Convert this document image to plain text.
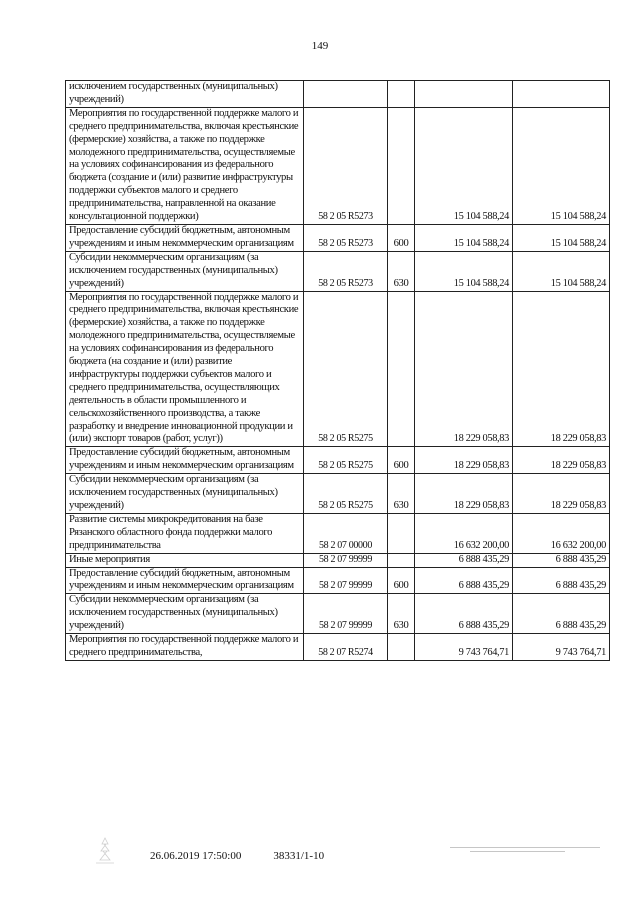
149
исключением государственных (муниципальных) учреждений)				
Мероприятия по государственной поддержке малого и среднего предпринимательства, включая крестьянские (фермерские) хозяйства, а также по поддержке молодежного предпринимательства, осуществляемые на условиях софинансирования из федерального бюджета (создание и (или) развитие инфраструктуры поддержки субъектов малого и среднего предпринимательства, направленной на оказание консультационной поддержки)	58 2 05 R5273		15 104 588,24	15 104 588,24
Предоставление субсидий бюджетным, автономным учреждениям и иным некоммерческим организациям	58 2 05 R5273	600	15 104 588,24	15 104 588,24
Субсидии некоммерческим организациям (за исключением государственных (муниципальных) учреждений)	58 2 05 R5273	630	15 104 588,24	15 104 588,24
Мероприятия по государственной поддержке малого и среднего предпринимательства, включая крестьянские (фермерские) хозяйства, а также по поддержке молодежного предпринимательства, осуществляемые на условиях софинансирования из федерального бюджета (на создание и (или) развитие инфраструктуры поддержки субъектов малого и среднего предпринимательства, осуществляющих деятельность в области промышленного и сельскохозяйственного производства, а также разработку и внедрение инновационной продукции и (или) экспорт товаров (работ, услуг))	58 2 05 R5275		18 229 058,83	18 229 058,83
Предоставление субсидий бюджетным, автономным учреждениям и иным некоммерческим организациям	58 2 05 R5275	600	18 229 058,83	18 229 058,83
Субсидии некоммерческим организациям (за исключением государственных (муниципальных) учреждений)	58 2 05 R5275	630	18 229 058,83	18 229 058,83
Развитие системы микрокредитования на базе Рязанского областного фонда поддержки малого предпринимательства	58 2 07 00000		16 632 200,00	16 632 200,00
Иные мероприятия	58 2 07 99999		6 888 435,29	6 888 435,29
Предоставление субсидий бюджетным, автономным учреждениям и иным некоммерческим организациям	58 2 07 99999	600	6 888 435,29	6 888 435,29
Субсидии некоммерческим организациям (за исключением государственных (муниципальных) учреждений)	58 2 07 99999	630	6 888 435,29	6 888 435,29
Мероприятия по государственной поддержке малого и среднего предпринимательства,	58 2 07 R5274		9 743 764,71	9 743 764,71
26.06.2019 17:50:00	38331/1-10
